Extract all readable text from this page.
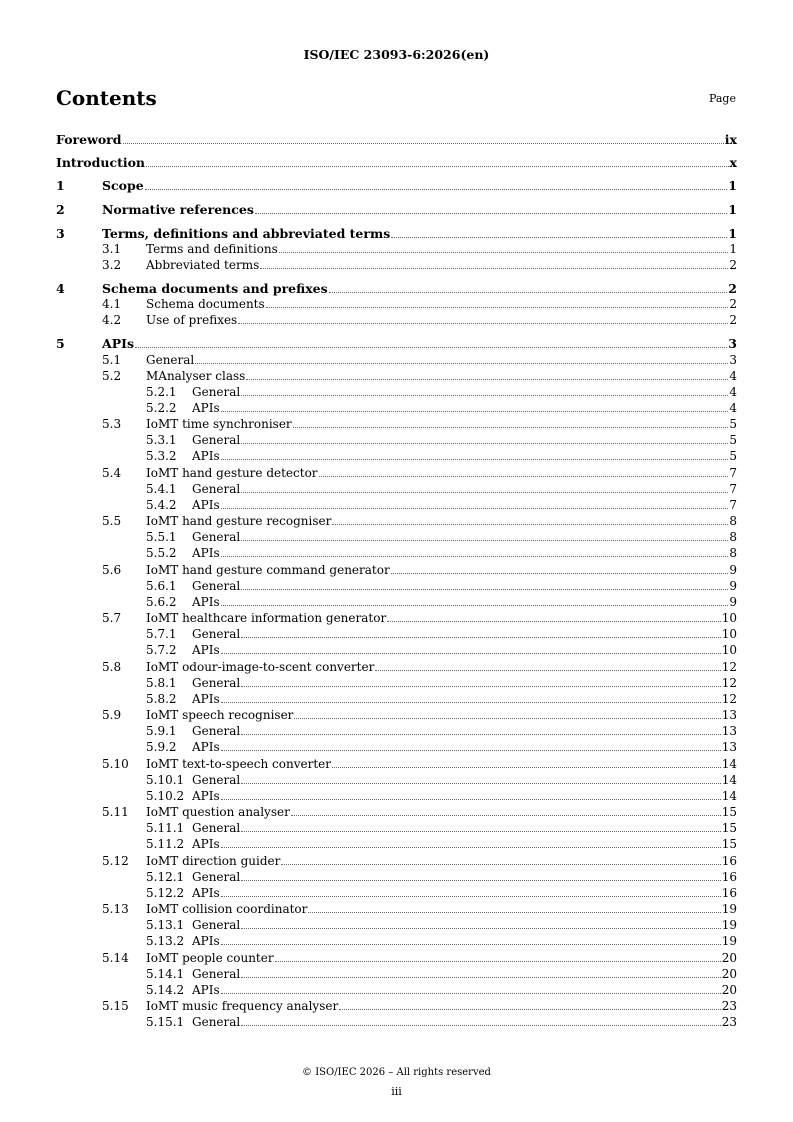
ISO/IEC 23093-6:2026(en)
Contents	Page
Foreword	ix
Introduction	x
1	Scope	1
2	Normative references	1
3	Terms, definitions and abbreviated terms	1
3.1	Terms and definitions	1
3.2	Abbreviated terms	2
4	Schema documents and prefixes	2
4.1	Schema documents	2
4.2	Use of prefixes	2
5	APIs	3
5.1	General	3
5.2	MAnalyser class	4
5.2.1	General	4
5.2.2	APIs	4
5.3	IoMT time synchroniser	5
5.3.1	General	5
5.3.2	APIs	5
5.4	IoMT hand gesture detector	7
5.4.1	General	7
5.4.2	APIs	7
5.5	IoMT hand gesture recogniser	8
5.5.1	General	8
5.5.2	APIs	8
5.6	IoMT hand gesture command generator	9
5.6.1	General	9
5.6.2	APIs	9
5.7	IoMT healthcare information generator	10
5.7.1	General	10
5.7.2	APIs	10
5.8	IoMT odour-image-to-scent converter	12
5.8.1	General	12
5.8.2	APIs	12
5.9	IoMT speech recogniser	13
5.9.1	General	13
5.9.2	APIs	13
5.10	IoMT text-to-speech converter	14
5.10.1 General	14
5.10.2 APIs	14
5.11	IoMT question analyser	15
5.11.1 General	15
5.11.2 APIs	15
5.12	IoMT direction guider	16
5.12.1 General	16
5.12.2 APIs	16
5.13	IoMT collision coordinator	19
5.13.1 General	19
5.13.2 APIs	19
5.14	IoMT people counter	20
5.14.1 General	20
5.14.2 APIs	20
5.15	IoMT music frequency analyser	23
5.15.1 General	23
© ISO/IEC 2026 – All rights reserved
iii
